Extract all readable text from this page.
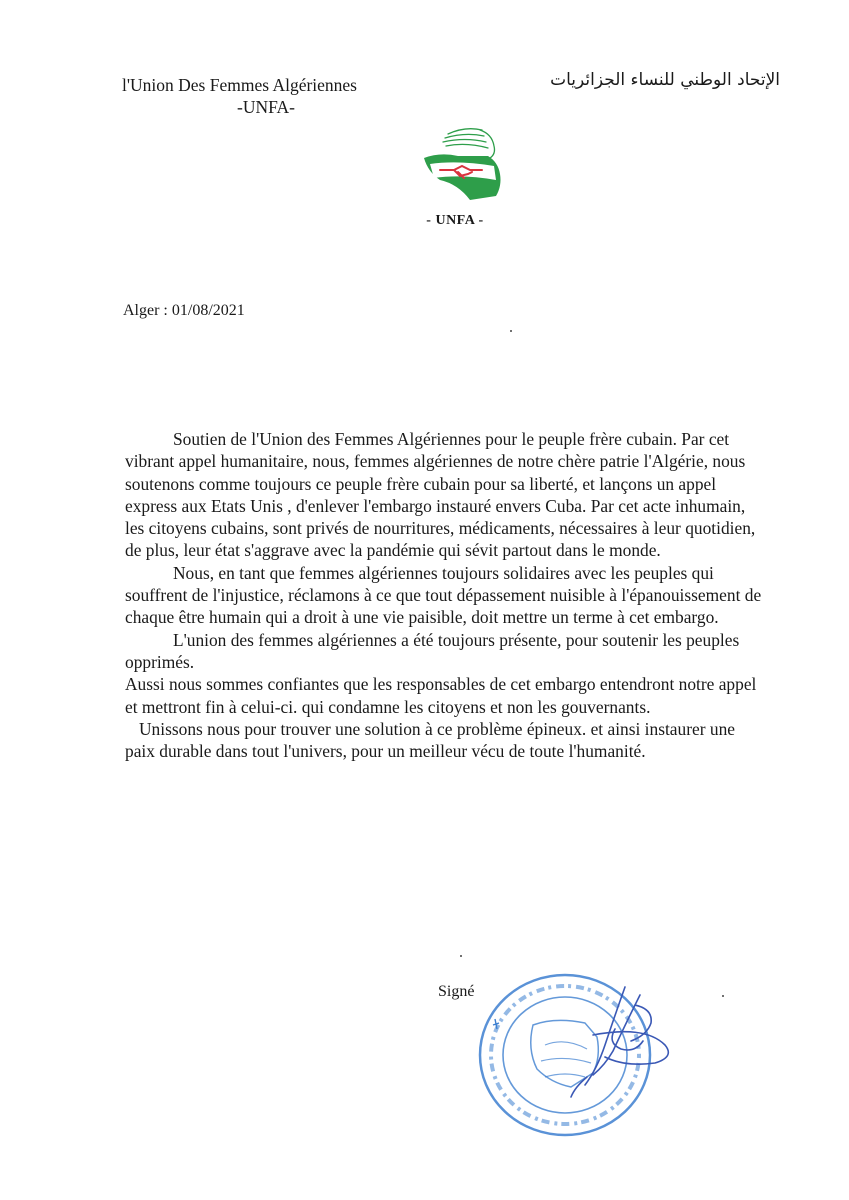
l'Union Des Femmes Algériennes
-UNFA-
الإتحاد الوطني للنساء الجزائريات
- UNFA -
Alger : 01/08/2021

Soutien de l'Union des Femmes Algériennes pour le peuple frère cubain. Par cet vibrant appel humanitaire, nous, femmes algériennes de notre chère patrie l'Algérie, nous soutenons comme toujours ce peuple frère cubain pour sa liberté, et lançons un appel express aux Etats Unis , d'enlever l'embargo instauré envers Cuba. Par cet acte inhumain, les citoyens cubains, sont privés de nourritures, médicaments, nécessaires à leur quotidien, de plus, leur état s'aggrave avec la pandémie qui sévit partout dans le monde.

Nous, en tant que femmes algériennes toujours solidaires avec les peuples qui souffrent de l'injustice, réclamons à ce que tout dépassement nuisible à l'épanouissement de chaque être humain qui a droit à une vie paisible, doit mettre un terme à cet embargo.

L'union des femmes algériennes a été toujours présente, pour soutenir les peuples opprimés.

Aussi nous sommes confiantes que les responsables de cet embargo entendront notre appel et mettront fin à celui-ci. qui condamne les citoyens et non les gouvernants.

Unissons nous pour trouver une solution à ce problème épineux. et ainsi instaurer une paix durable dans tout l'univers, pour un meilleur vécu de toute l'humanité.

Signé
